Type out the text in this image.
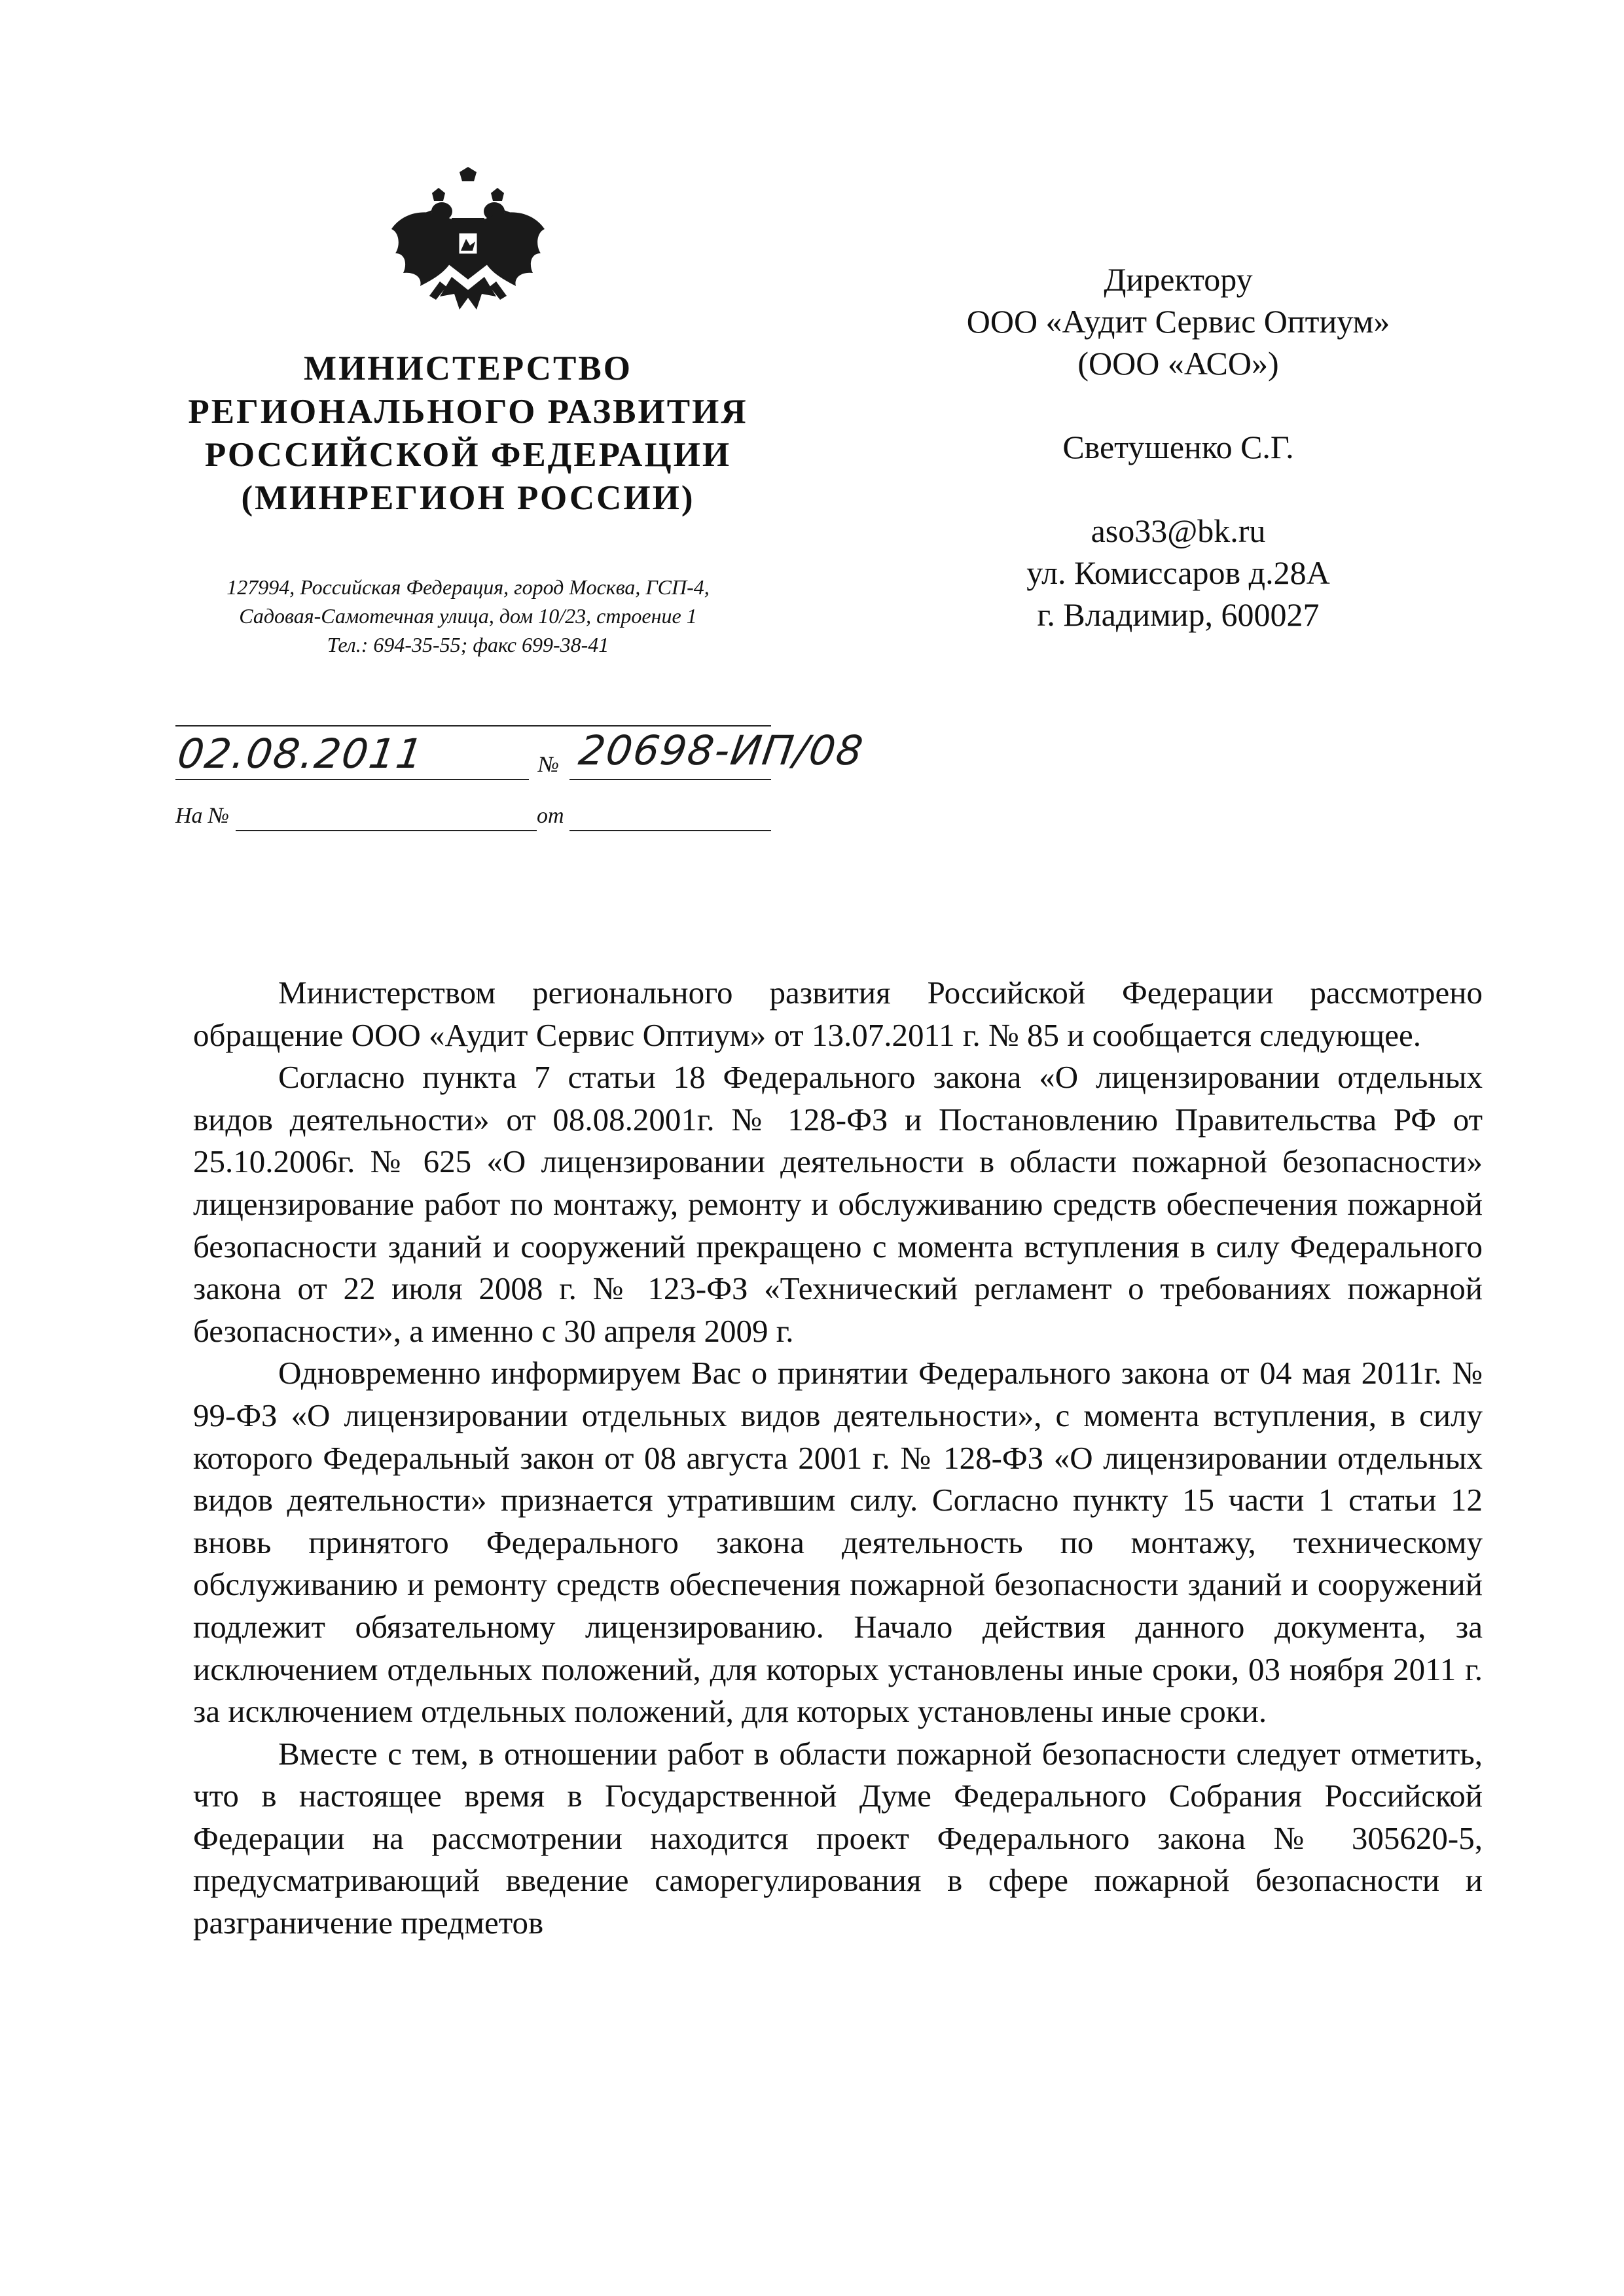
МИНИСТЕРСТВО
РЕГИОНАЛЬНОГО РАЗВИТИЯ
РОССИЙСКОЙ ФЕДЕРАЦИИ
(МИНРЕГИОН РОССИИ)
127994, Российская Федерация, город Москва, ГСП-4,
Садовая-Самотечная улица, дом 10/23, строение 1
Тел.: 694-35-55; факс 699-38-41
02.08.2011	№ 20698-ИП/08
На №	от
Директору
ООО «Аудит Сервис Оптиум»
(ООО «АСО»)
Светушенко С.Г.
aso33@bk.ru
ул. Комиссаров д.28А
г. Владимир, 600027

Министерством регионального развития Российской Федерации рассмотрено обращение ООО «Аудит Сервис Оптиум» от 13.07.2011 г. № 85 и сообщается следующее.

Согласно пункта 7 статьи 18 Федерального закона «О лицензировании отдельных видов деятельности» от 08.08.2001г. № 128-ФЗ и Постановлению Правительства РФ от 25.10.2006г. № 625 «О лицензировании деятельности в области пожарной безопасности» лицензирование работ по монтажу, ремонту и обслуживанию средств обеспечения пожарной безопасности зданий и сооружений прекращено с момента вступления в силу Федерального закона от 22 июля 2008 г. № 123-ФЗ «Технический регламент о требованиях пожарной безопасности», а именно с 30 апреля 2009 г.

Одновременно информируем Вас о принятии Федерального закона от 04 мая 2011г. № 99-ФЗ «О лицензировании отдельных видов деятельности», с момента вступления, в силу которого Федеральный закон от 08 августа 2001 г. № 128-ФЗ «О лицензировании отдельных видов деятельности» признается утратившим силу. Согласно пункту 15 части 1 статьи 12 вновь принятого Федерального закона деятельность по монтажу, техническому обслуживанию и ремонту средств обеспечения пожарной безопасности зданий и сооружений подлежит обязательному лицензированию. Начало действия данного документа, за исключением отдельных положений, для которых установлены иные сроки, 03 ноября 2011 г. за исключением отдельных положений, для которых установлены иные сроки.

Вместе с тем, в отношении работ в области пожарной безопасности следует отметить, что в настоящее время в Государственной Думе Федерального Собрания Российской Федерации на рассмотрении находится проект Федерального закона № 305620-5, предусматривающий введение саморегулирования в сфере пожарной безопасности и разграничение предметов
